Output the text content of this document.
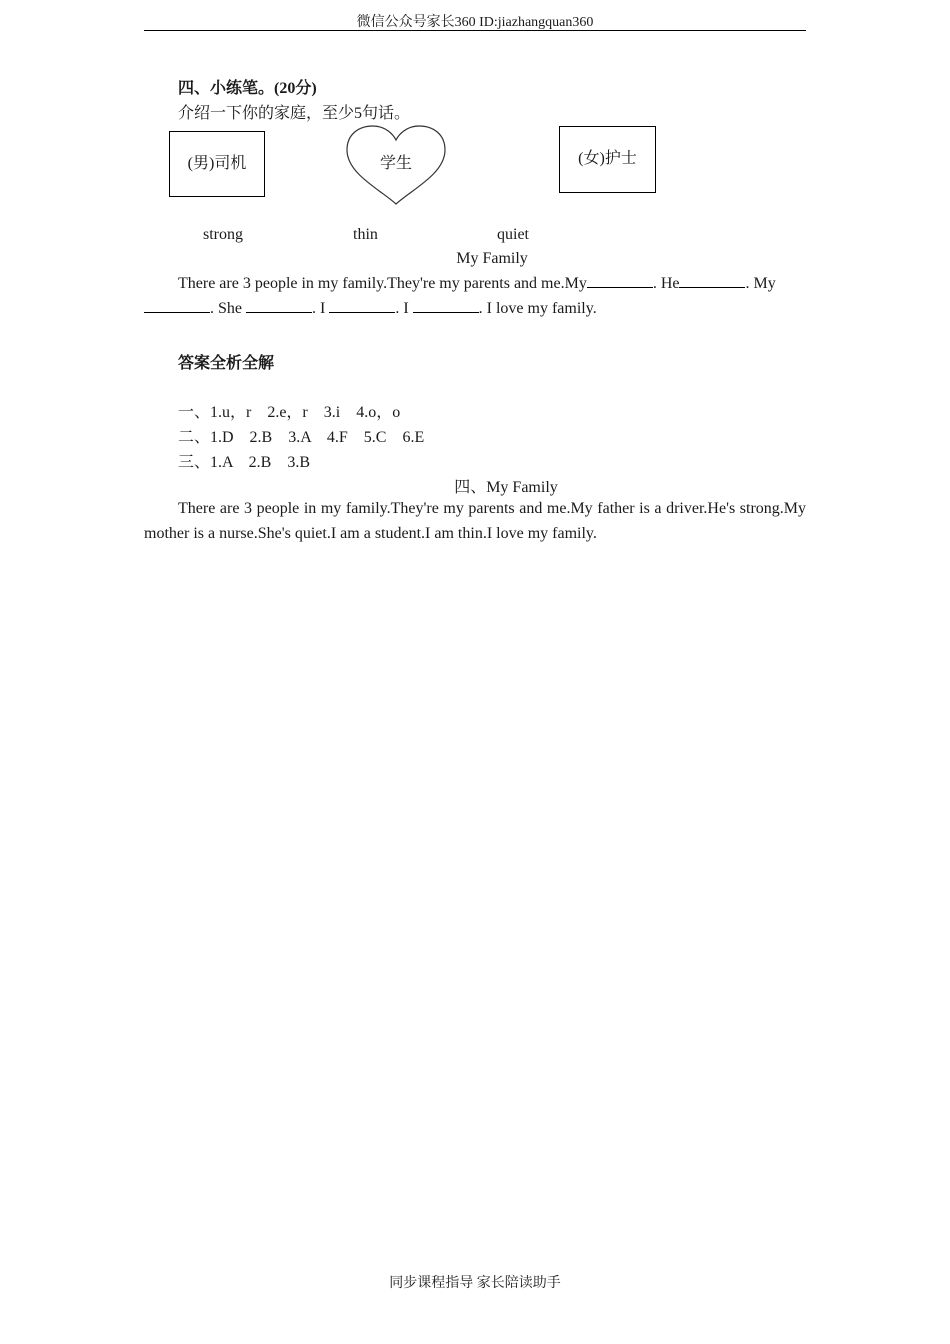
微信公众号家长360 ID:jiazhangquan360
四、小练笔。(20分)
介绍一下你的家庭，至少5句话。
(男)司机	学生	(女)护士
strong	thin	quiet
My Family
There are 3 people in my family.They're my parents and me.My	. He	. My
. She	. I	. I	. I love my family.
答案全析全解
一、1.u，r　2.e，r　3.i　4.o，o
二、1.D　2.B　3.A　4.F　5.C　6.E
三、1.A　2.B　3.B
四、My Family
There are 3 people in my family.They're my parents and me.My father is a driver.He's strong.My mother is a nurse.She's quiet.I am a student.I am thin.I love my family.
同步课程指导 家长陪读助手
